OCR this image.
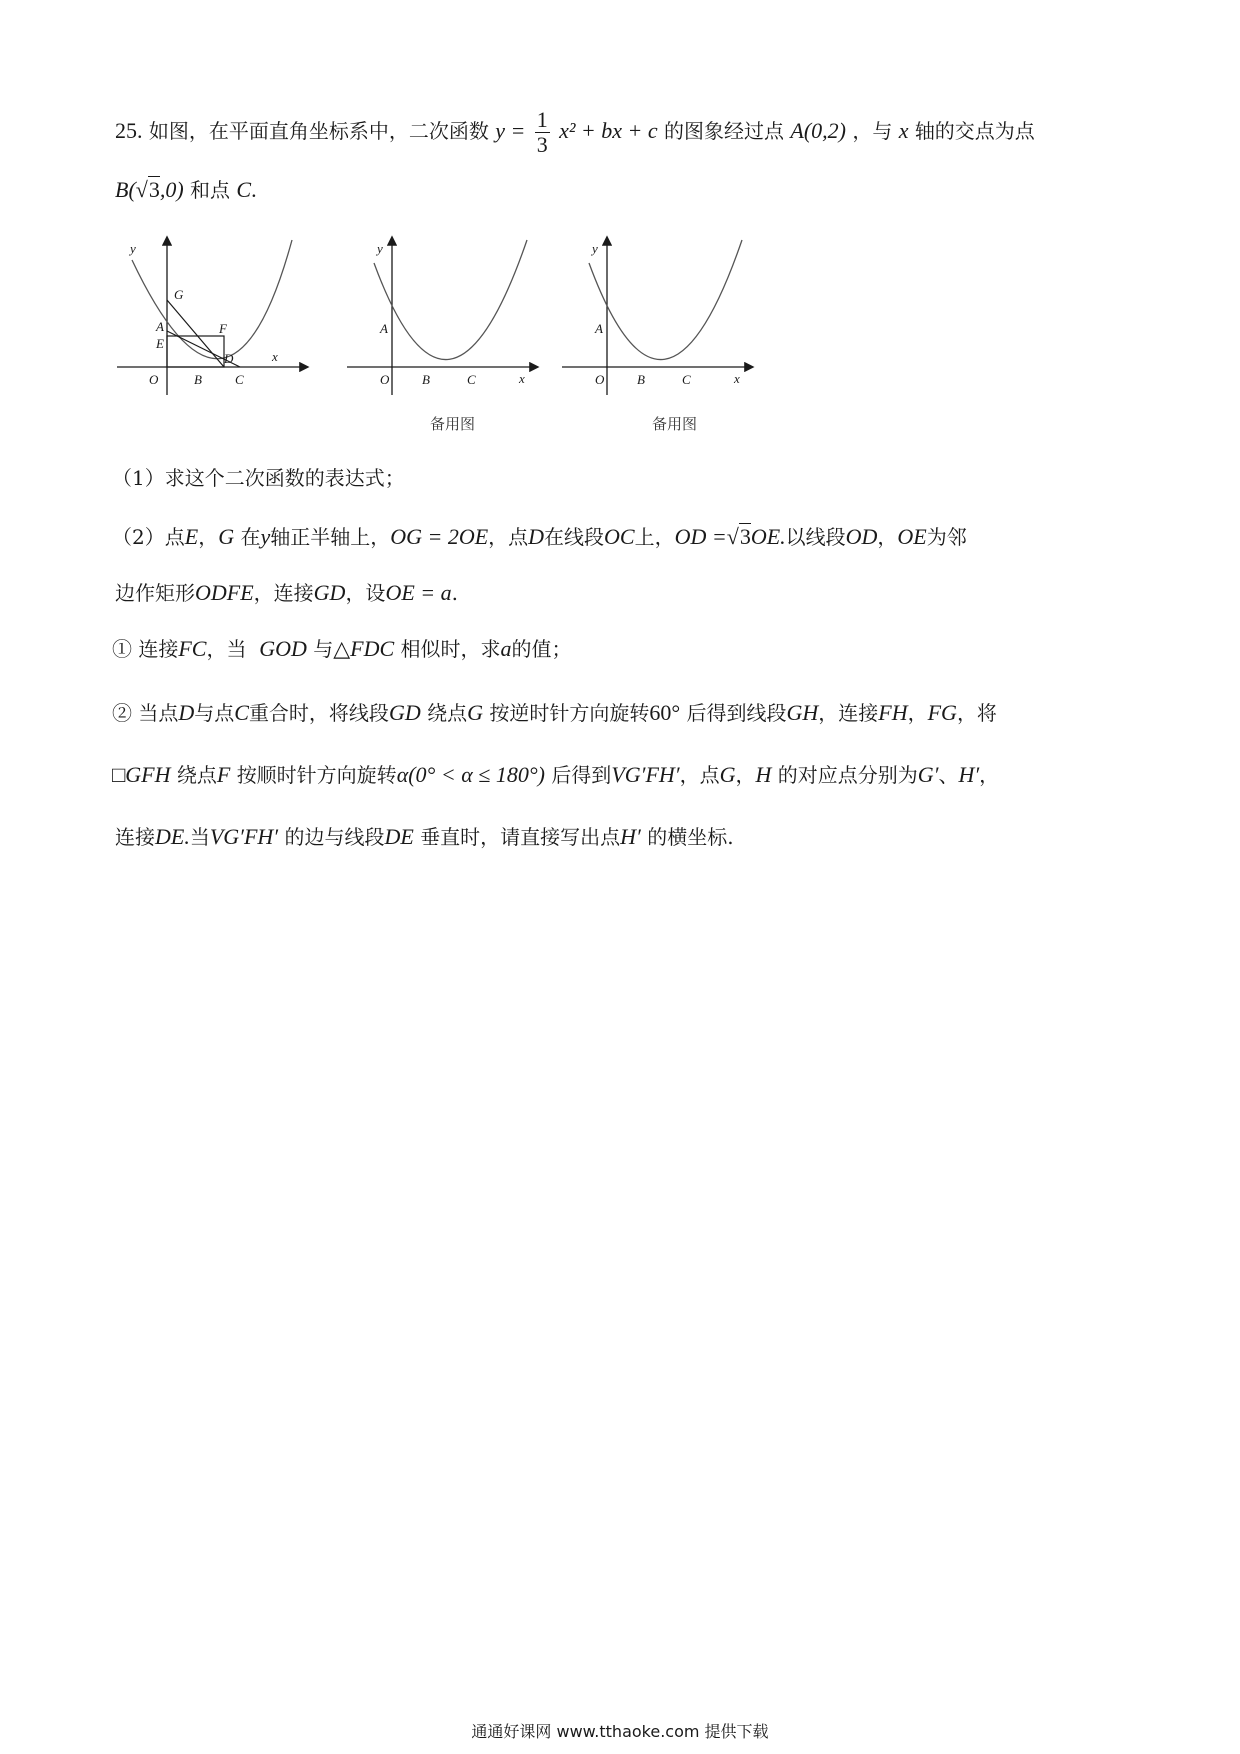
25. 如图，在平面直角坐标系中，二次函数 $y = \frac{1}{3} x^2$ + bx + c 的图象经过点 A(0,2) ，与 x 轴的交点为点
B(√3,0) 和点 C.
x
y
O
A
E
G
F
D
B	C	x
y
O
A
B	C	x
y
O
A
B	C
备用图	备用图
（1）求这个二次函数的表达式；
（2）点E，G 在y轴正半轴上，OG = 2OE，点D在线段OC上，OD =√3OE.以线段OD，OE为邻
边作矩形ODFE，连接GD，设OE = a.
① 连接FC，当 GOD 与△FDC 相似时，求a的值；
② 当点D与点C重合时，将线段GD 绕点G 按逆时针方向旋转60° 后得到线段GH，连接FH，FG，将
□GFH 绕点F 按顺时针方向旋转α(0° < α ≤ 180°) 后得到VG′FH′，点G，H 的对应点分别为G′、H′，
连接DE.当VG′FH′ 的边与线段DE 垂直时，请直接写出点H′ 的横坐标.
通通好课网 www.tthaoke.com 提供下载
